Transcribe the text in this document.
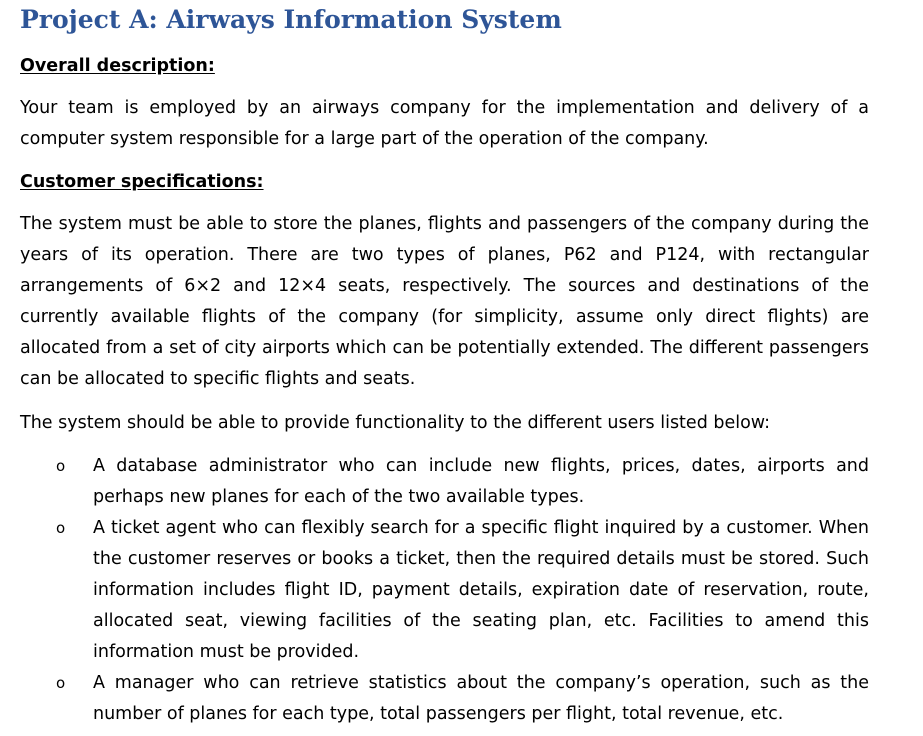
Project A: Airways Information System
Overall description:

Your team is employed by an airways company for the implementation and delivery of a computer system responsible for a large part of the operation of the company.

Customer specifications:

The system must be able to store the planes, flights and passengers of the company during the years of its operation. There are two types of planes, P62 and P124, with rectangular arrangements of 6×2 and 12×4 seats, respectively. The sources and destinations of the currently available flights of the company (for simplicity, assume only direct flights) are allocated from a set of city airports which can be potentially extended. The different passengers can be allocated to specific flights and seats.

The system should be able to provide functionality to the different users listed below:

o A database administrator who can include new flights, prices, dates, airports and perhaps new planes for each of the two available types.
o A ticket agent who can flexibly search for a specific flight inquired by a customer. When the customer reserves or books a ticket, then the required details must be stored. Such information includes flight ID, payment details, expiration date of reservation, route, allocated seat, viewing facilities of the seating plan, etc. Facilities to amend this information must be provided.
o A manager who can retrieve statistics about the company’s operation, such as the number of planes for each type, total passengers per flight, total revenue, etc.
